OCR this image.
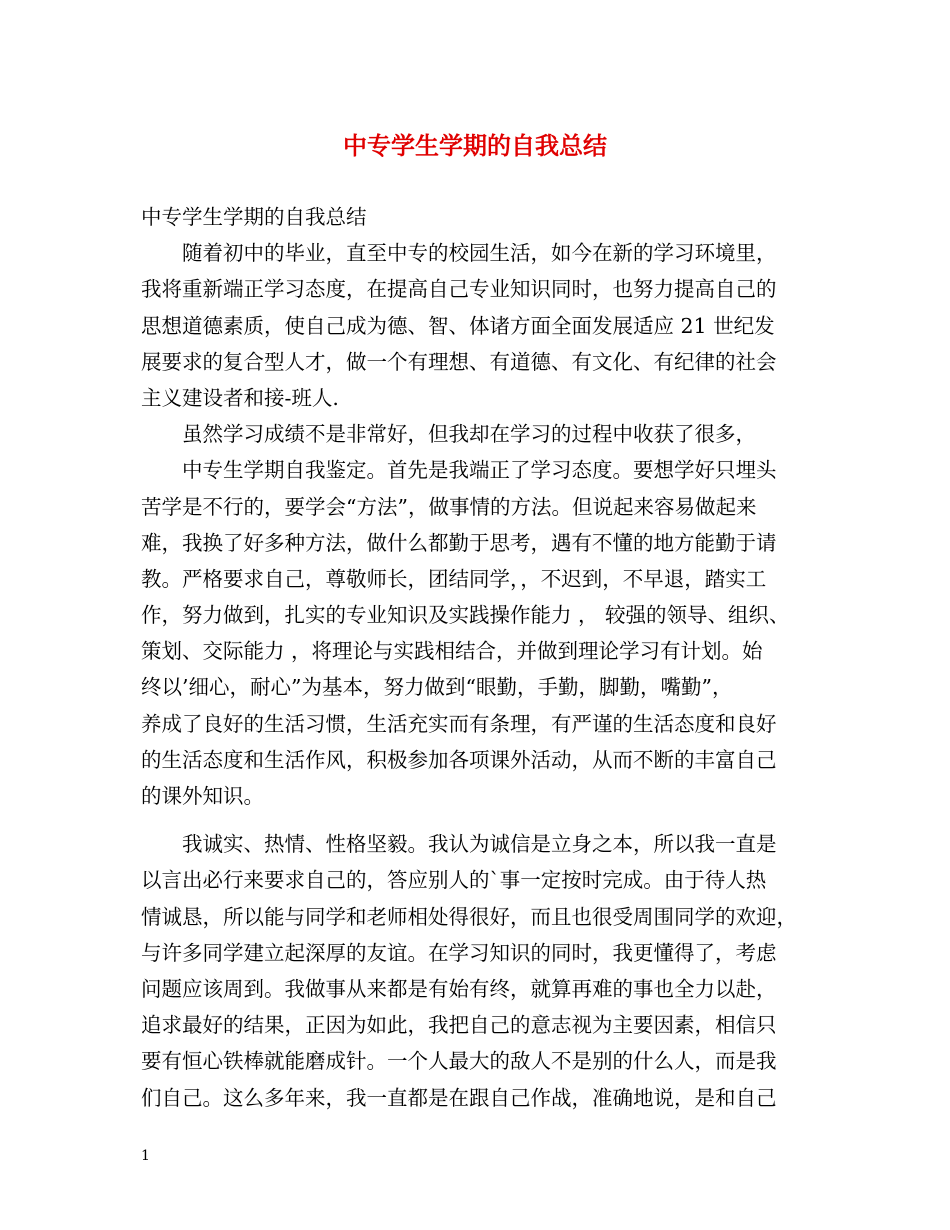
中专学生学期的自我总结
中专学生学期的自我总结
随着初中的毕业，直至中专的校园生活，如今在新的学习环境里，
我将重新端正学习态度，在提高自己专业知识同时，也努力提高自己的
思想道德素质，使自己成为德、智、体诸方面全面发展适应 21 世纪发
展要求的复合型人才，做一个有理想、有道德、有文化、有纪律的社会
主义建设者和接-班人.
虽然学习成绩不是非常好，但我却在学习的过程中收获了很多，
中专生学期自我鉴定。首先是我端正了学习态度。要想学好只埋头
苦学是不行的，要学会“方法”，做事情的方法。但说起来容易做起来
难，我换了好多种方法，做什么都勤于思考，遇有不懂的地方能勤于请
教。严格要求自己，尊敬师长，团结同学，，不迟到，不早退，踏实工
作，努力做到，扎实的专业知识及实践操作能力 ， 较强的领导、组织、
策划、交际能力 ，将理论与实践相结合，并做到理论学习有计划。始
终以’细心，耐心”为基本，努力做到“眼勤，手勤，脚勤，嘴勤”，
养成了良好的生活习惯，生活充实而有条理，有严谨的生活态度和良好
的生活态度和生活作风，积极参加各项课外活动，从而不断的丰富自己
的课外知识。
我诚实、热情、性格坚毅。我认为诚信是立身之本，所以我一直是
以言出必行来要求自己的，答应别人的`事一定按时完成。由于待人热
情诚恳，所以能与同学和老师相处得很好，而且也很受周围同学的欢迎，
与许多同学建立起深厚的友谊。在学习知识的同时，我更懂得了，考虑
问题应该周到。我做事从来都是有始有终，就算再难的事也全力以赴，
追求最好的结果，正因为如此，我把自己的意志视为主要因素，相信只
要有恒心铁棒就能磨成针。一个人最大的敌人不是别的什么人，而是我
们自己。这么多年来，我一直都是在跟自己作战，准确地说，是和自己
1
